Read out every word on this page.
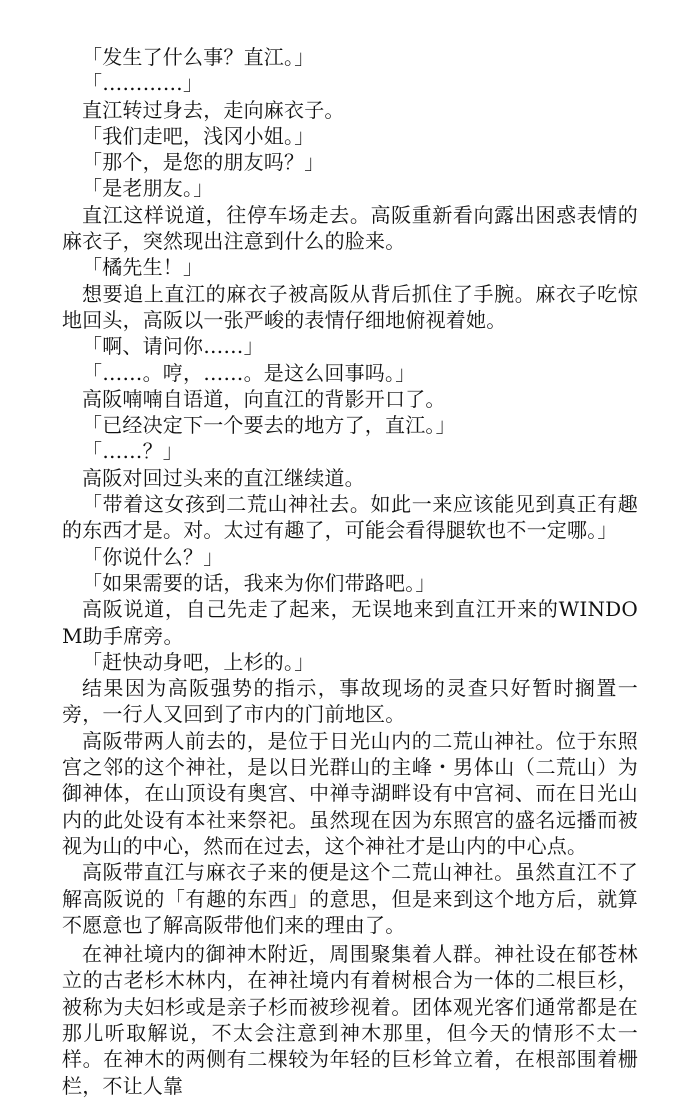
「发生了什么事？直江。」

「…………」

直江转过身去，走向麻衣子。

「我们走吧，浅冈小姐。」

「那个，是您的朋友吗？」

「是老朋友。」

直江这样说道，往停车场走去。高阪重新看向露出困惑表情的麻衣子，突然现出注意到什么的脸来。

「橘先生！」

想要追上直江的麻衣子被高阪从背后抓住了手腕。麻衣子吃惊地回头，高阪以一张严峻的表情仔细地俯视着她。

「啊、请问你……」

「……。哼，……。是这么回事吗。」

高阪喃喃自语道，向直江的背影开口了。

「已经决定下一个要去的地方了，直江。」

「……？」

高阪对回过头来的直江继续道。

「带着这女孩到二荒山神社去。如此一来应该能见到真正有趣的东西才是。对。太过有趣了，可能会看得腿软也不一定哪。」

「你说什么？」

「如果需要的话，我来为你们带路吧。」

高阪说道，自己先走了起来，无误地来到直江开来的WINDOM助手席旁。

「赶快动身吧，上杉的。」

结果因为高阪强势的指示，事故现场的灵查只好暂时搁置一旁，一行人又回到了市内的门前地区。

高阪带两人前去的，是位于日光山内的二荒山神社。位于东照宫之邻的这个神社，是以日光群山的主峰・男体山（二荒山）为御神体，在山顶设有奥宫、中禅寺湖畔设有中宫祠、而在日光山内的此处设有本社来祭祀。虽然现在因为东照宫的盛名远播而被视为山的中心，然而在过去，这个神社才是山内的中心点。

高阪带直江与麻衣子来的便是这个二荒山神社。虽然直江不了解高阪说的「有趣的东西」的意思，但是来到这个地方后，就算不愿意也了解高阪带他们来的理由了。

在神社境内的御神木附近，周围聚集着人群。神社设在郁苍林立的古老杉木林内，在神社境内有着树根合为一体的二根巨杉，被称为夫妇杉或是亲子杉而被珍视着。团体观光客们通常都是在那儿听取解说，不太会注意到神木那里，但今天的情形不太一样。在神木的两侧有二棵较为年轻的巨杉耸立着，在根部围着栅栏，不让人靠
